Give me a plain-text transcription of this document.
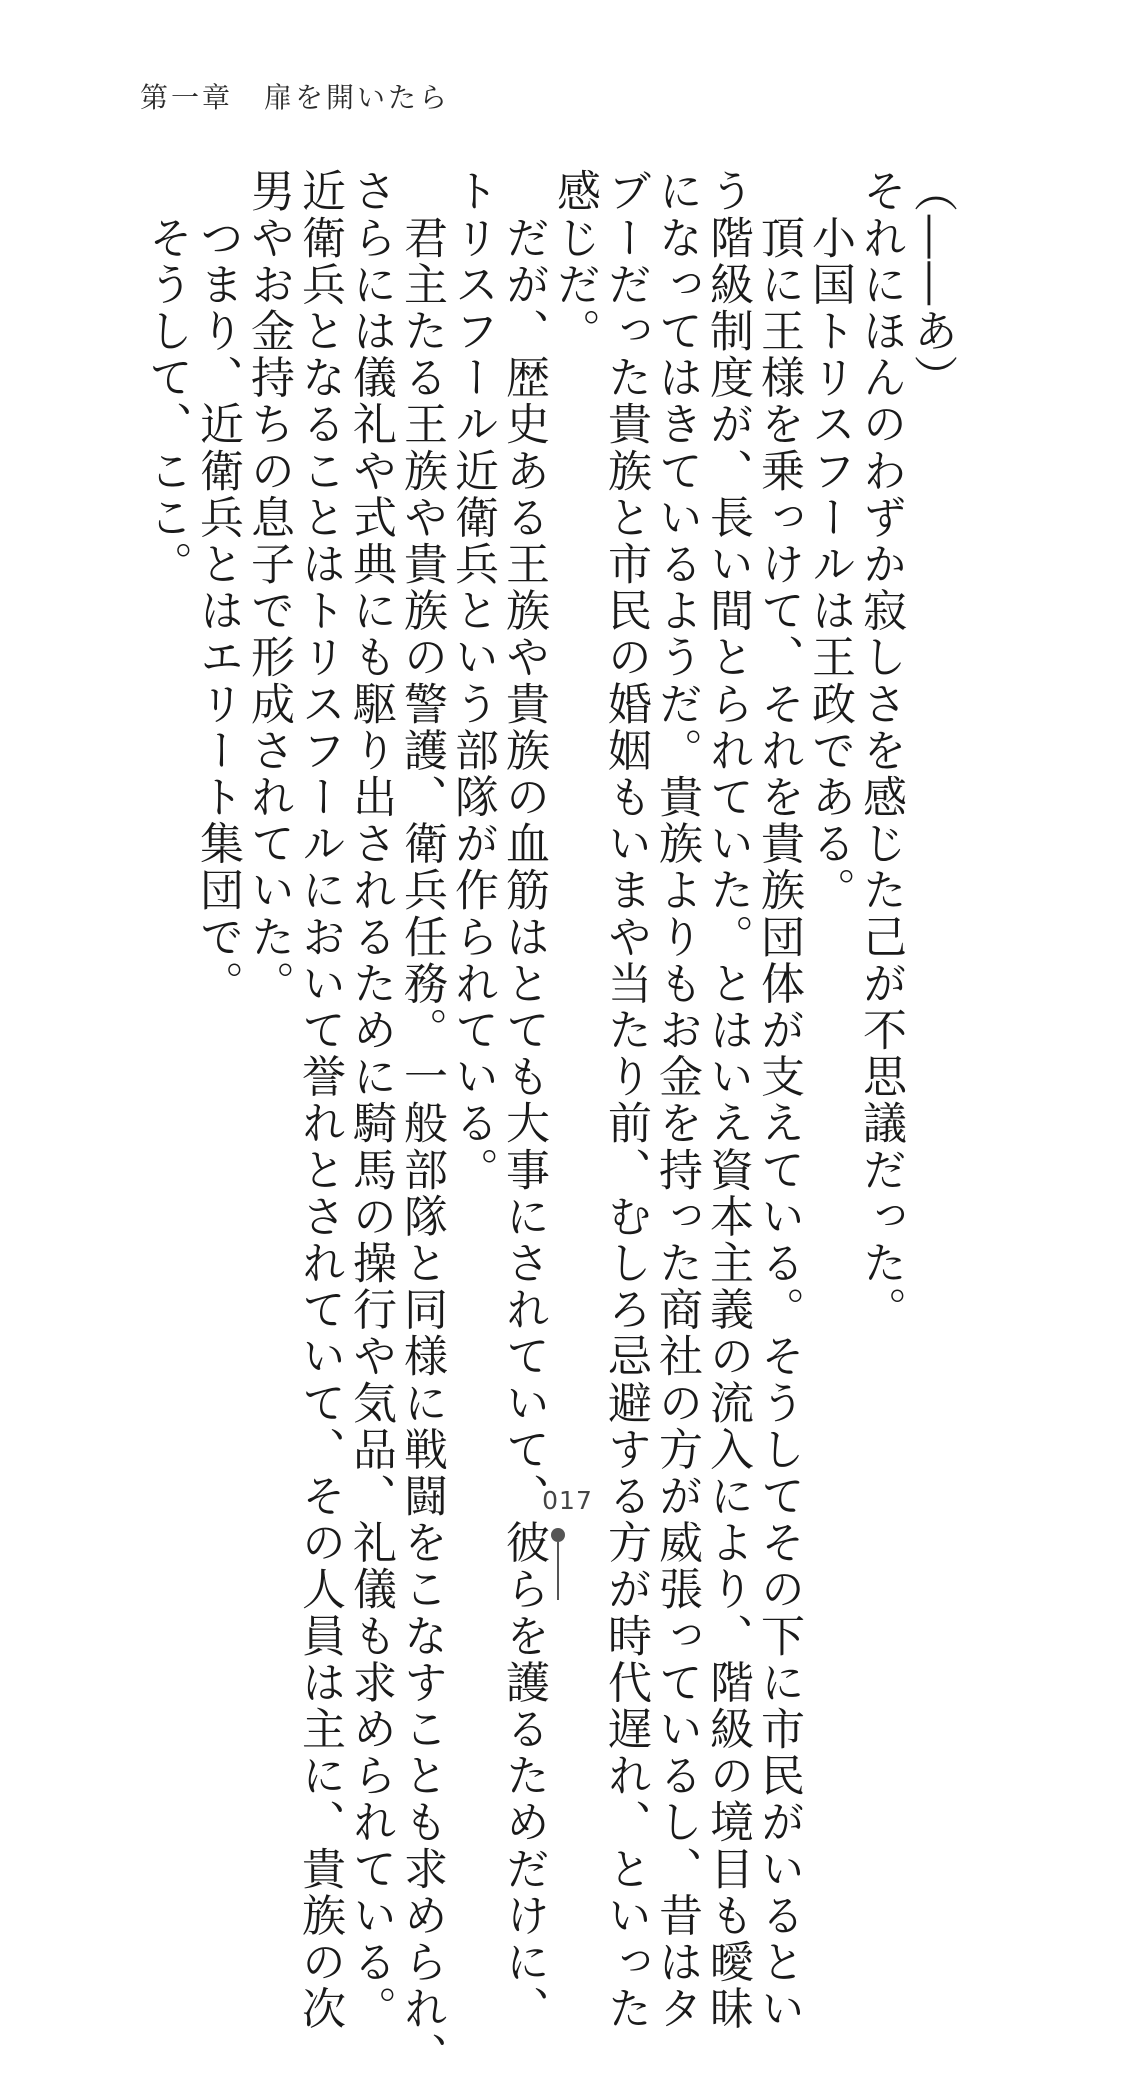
第一章　扉を開いたら

（――あ）

それにほんのわずか寂しさを感じた己が不思議だった。

　小国トリスフールは王政である。

　頂に王様を乗っけて、それを貴族団体が支えている。そうしてその下に市民がいるとい

う階級制度が、長い間とられていた。とはいえ資本主義の流入により、階級の境目も曖昧

になってはきているようだ。貴族よりもお金を持った商社の方が威張っているし、昔はタ

ブーだった貴族と市民の婚姻もいまや当たり前、むしろ忌避する方が時代遅れ、といった

感じだ。

　だが、歴史ある王族や貴族の血筋はとても大事にされていて、彼らを護るためだけに、

トリスフール近衛兵という部隊が作られている。

　君主たる王族や貴族の警護、衛兵任務。一般部隊と同様に戦闘をこなすことも求められ、

さらには儀礼や式典にも駆り出されるために騎馬の操行や気品、礼儀も求められている。

近衛兵となることはトリスフールにおいて誉れとされていて、その人員は主に、貴族の次

男やお金持ちの息子で形成されていた。

　つまり、近衛兵とはエリート集団で。

　そうして、ここ。

017
